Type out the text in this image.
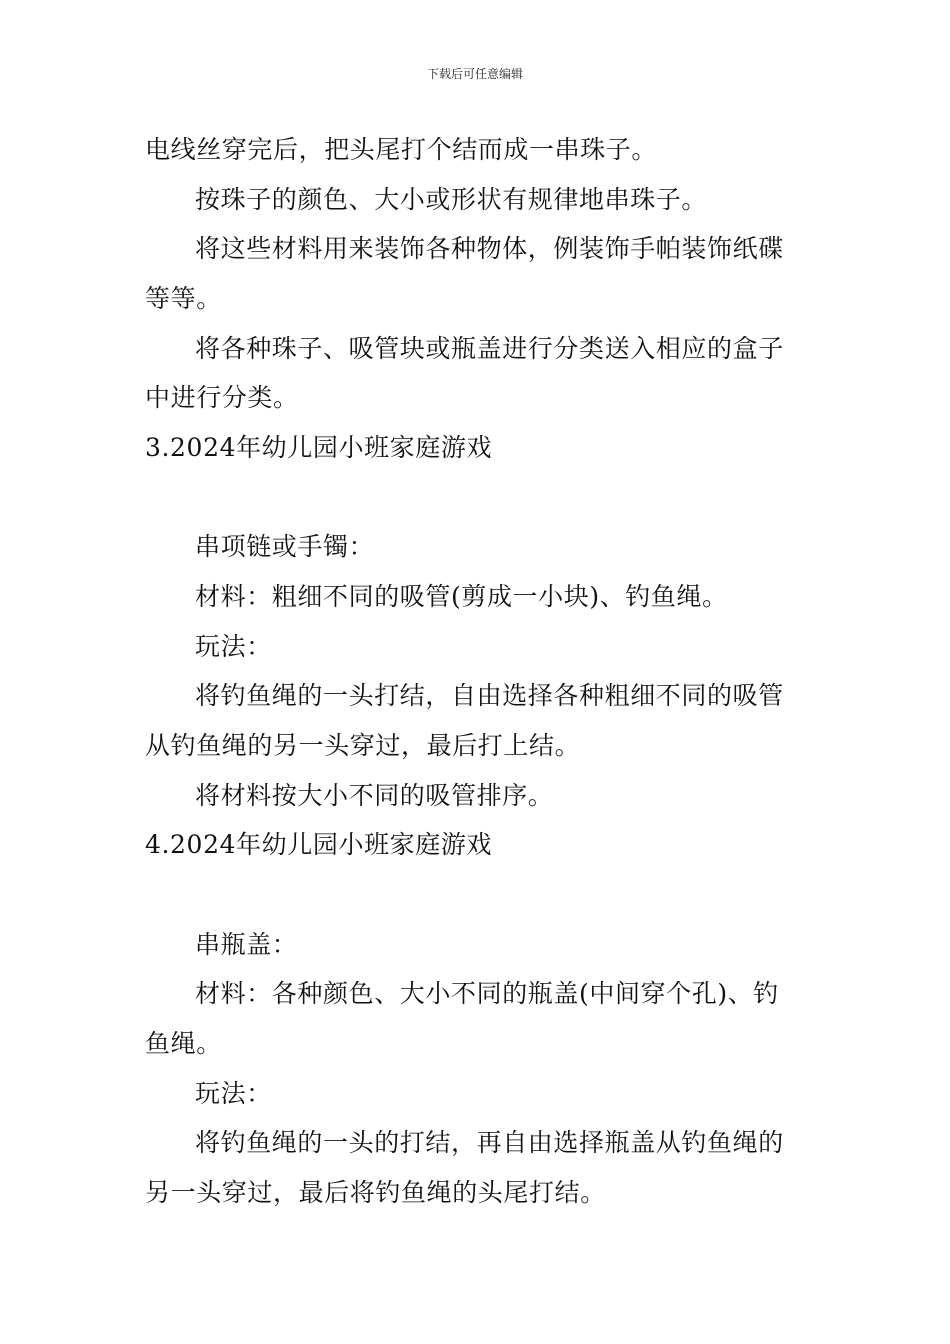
下载后可任意编辑
电线丝穿完后，把头尾打个结而成一串珠子。
按珠子的颜色、大小或形状有规律地串珠子。
将这些材料用来装饰各种物体，例装饰手帕装饰纸碟
等等。
将各种珠子、吸管块或瓶盖进行分类送入相应的盒子
中进行分类。
3.2024年幼儿园小班家庭游戏
串项链或手镯：
材料：粗细不同的吸管(剪成一小块)、钓鱼绳。
玩法：
将钓鱼绳的一头打结，自由选择各种粗细不同的吸管
从钓鱼绳的另一头穿过，最后打上结。
将材料按大小不同的吸管排序。
4.2024年幼儿园小班家庭游戏
串瓶盖：
材料：各种颜色、大小不同的瓶盖(中间穿个孔)、钓
鱼绳。
玩法：
将钓鱼绳的一头的打结，再自由选择瓶盖从钓鱼绳的
另一头穿过，最后将钓鱼绳的头尾打结。
